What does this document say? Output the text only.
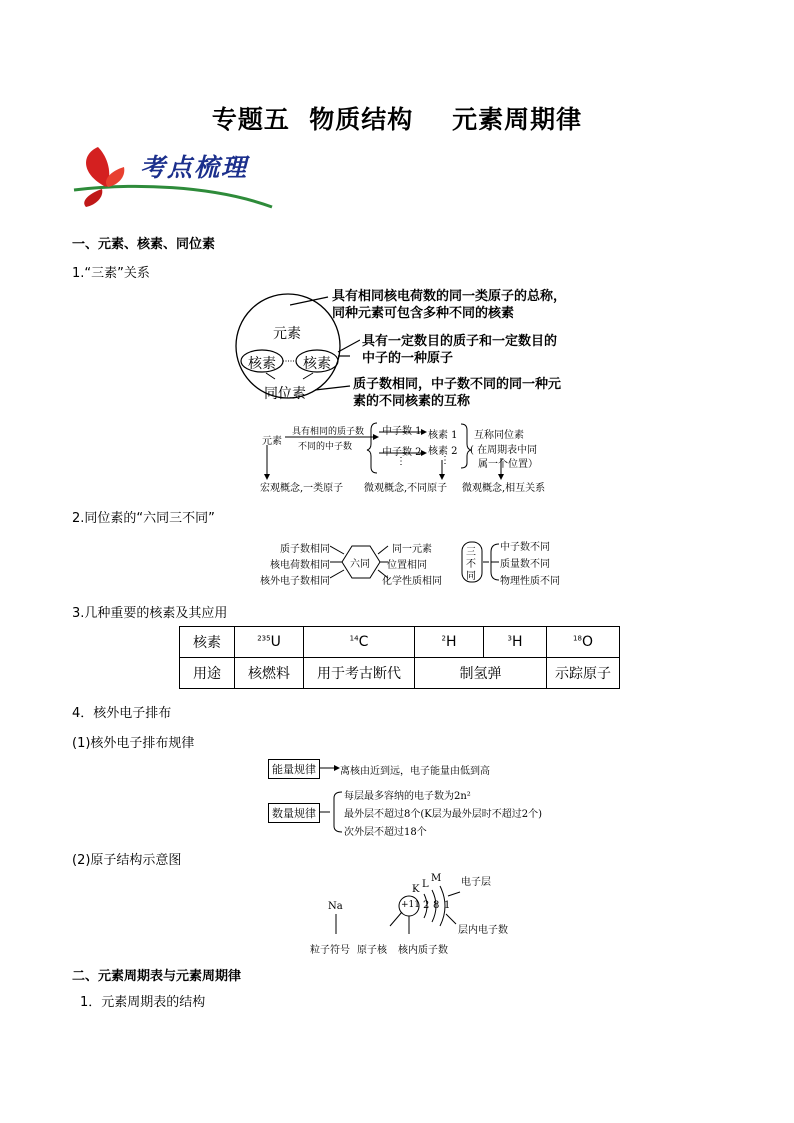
专题五  物质结构    元素周期律
考点梳理
一、元素、核素、同位素
1.“三素”关系
元素
核素 核素
同位素
具有相同核电荷数的同一类原子的总称，
同种元素可包含多种不同的核素
具有一定数目的质子和一定数目的
中子的一种原子
质子数相同，中子数不同的同一种元
素的不同核素的互称
元素
具有相同的质子数
不同的中子数
中子数 1
中子数 2
⋮
核素 1
核素 2
⋮
互称同位素
( 在周期表中同
属一个位置）
宏观概念,一类原子 微观概念,不同原子 微观概念,相互关系
2.同位素的“六同三不同”
六同
质子数相同
核电荷数相同
核外电子数相同
同一元素
位置相同
化学性质相同
三
不
同
中子数不同
质量数不同
物理性质不同
3.几种重要的核素及其应用
核素	$^{235}$U	$^{14}$C	$^2$H	$^3$H	$^{18}$O
用途	核燃料	用于考古断代	制氢弹		示踪原子
4．核外电子排布
(1)核外电子排布规律
能量规律
数量规律
离核由近到远，电子能量由低到高
每层最多容纳的电子数为2n²
最外层不超过8个(K层为最外层时不超过2个)
次外层不超过18个
(2)原子结构示意图
Na	+11 2 8 1
K L
M 电子层
层内电子数
粒子符号 原子核 核内质子数
二、元素周期表与元素周期律
1．元素周期表的结构
